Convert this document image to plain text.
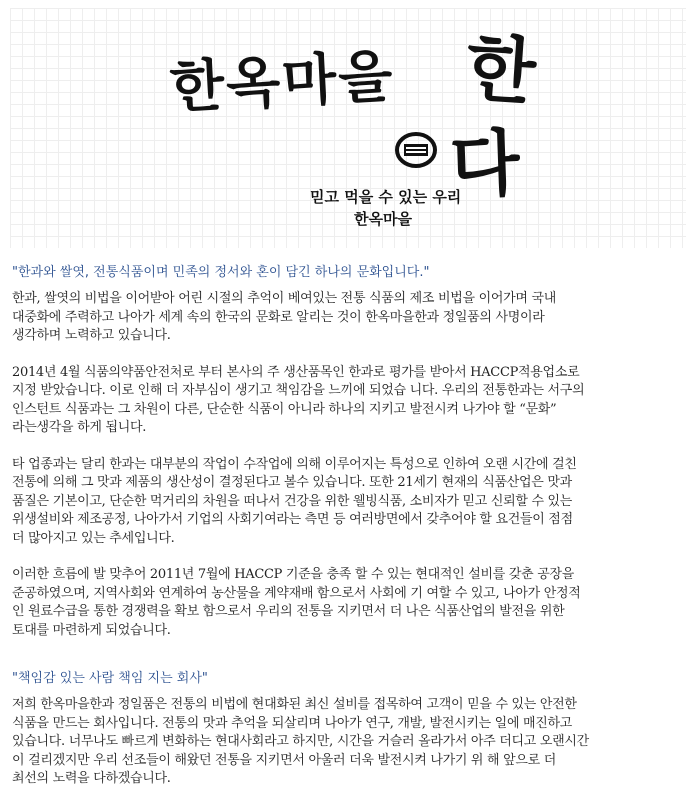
한옥마을 한
다
믿고 먹을 수 있는 우리
한옥마을
"한과와 쌀엿, 전통식품이며 민족의 정서와 혼이 담긴 하나의 문화입니다."

한과, 쌀엿의 비법을 이어받아 어린 시절의 추억이 베여있는 전통 식품의 제조 비법을 이어가며 국내
대중화에 주력하고 나아가 세계 속의 한국의 문화로 알리는 것이 한옥마을한과 정일품의 사명이라
생각하며 노력하고 있습니다.

2014년 4월 식품의약품안전처로 부터 본사의 주 생산품목인 한과로 평가를 받아서 HACCP적용업소로
지정 받았습니다. 이로 인해 더 자부심이 생기고 책임감을 느끼에 되었습 니다. 우리의 전통한과는 서구의
인스턴트 식품과는 그 차원이 다른, 단순한 식품이 아니라 하나의 지키고 발전시켜 나가야 할 “문화”
라는생각을 하게 됩니다.

타 업종과는 달리 한과는 대부분의 작업이 수작업에 의해 이루어지는 특성으로 인하여 오랜 시간에 걸친
전통에 의해 그 맛과 제품의 생산성이 결정된다고 볼수 있습니다. 또한 21세기 현재의 식품산업은 맛과
품질은 기본이고, 단순한 먹거리의 차원을 떠나서 건강을 위한 웰빙식품, 소비자가 믿고 신뢰할 수 있는
위생설비와 제조공정, 나아가서 기업의 사회기여라는 측면 등 여러방면에서 갖추어야 할 요건들이 점점
더 많아지고 있는 추세입니다.

이러한 흐름에 발 맞추어 2011년 7월에 HACCP 기준을 충족 할 수 있는 현대적인 설비를 갖춘 공장을
준공하였으며, 지역사회와 연계하여 농산물을 계약재배 함으로서 사회에 기 여할 수 있고, 나아가 안정적
인 원료수급을 통한 경쟁력을 확보 함으로서 우리의 전통을 지키면서 더 나은 식품산업의 발전을 위한
토대를 마련하게 되었습니다.

"책임감 있는 사람 책임 지는 회사"

저희 한옥마을한과 정일품은 전통의 비법에 현대화된 최신 설비를 접목하여 고객이 믿을 수 있는 안전한
식품을 만드는 회사입니다. 전통의 맛과 추억을 되살리며 나아가 연구, 개발, 발전시키는 일에 매진하고
있습니다. 너무나도 빠르게 변화하는 현대사회라고 하지만, 시간을 거슬러 올라가서 아주 더디고 오랜시간
이 걸리겠지만 우리 선조들이 해왔던 전통을 지키면서 아울러 더욱 발전시켜 나가기 위 해 앞으로 더
최선의 노력을 다하겠습니다.
